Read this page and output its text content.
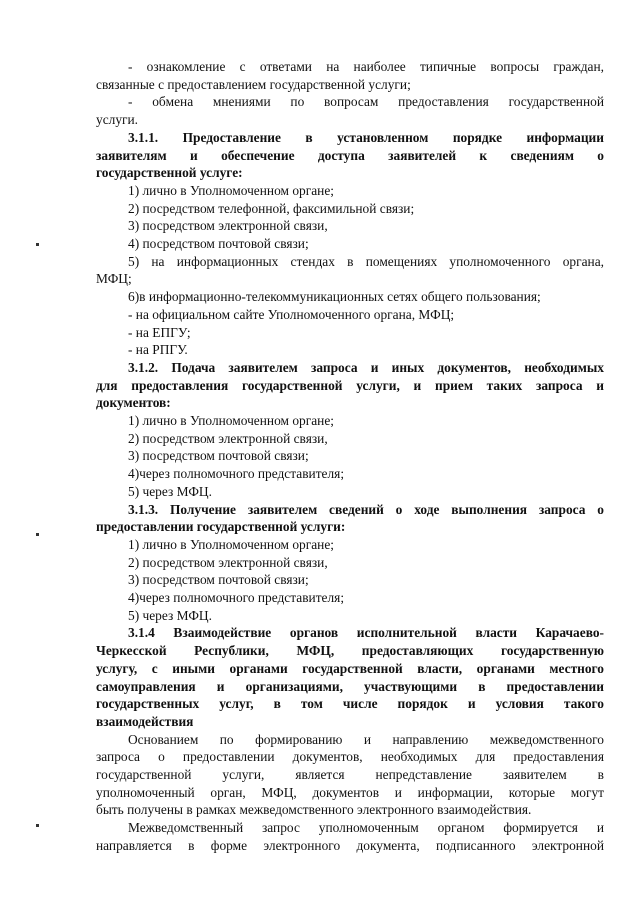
- ознакомление с ответами на наиболее типичные вопросы граждан,
связанные с предоставлением государственной услуги;
- обмена мнениями по вопросам предоставления государственной
услуги.
3.1.1. Предоставление в установленном порядке информации
заявителям и обеспечение доступа заявителей к сведениям о
государственной услуге:
1) лично в Уполномоченном органе;
2) посредством телефонной, факсимильной связи;
3) посредством электронной связи,
4) посредством почтовой связи;
5) на информационных стендах в помещениях уполномоченного органа,
МФЦ;
6)в информационно-телекоммуникационных сетях общего пользования;
- на официальном сайте Уполномоченного органа, МФЦ;
- на ЕПГУ;
- на РПГУ.
3.1.2. Подача заявителем запроса и иных документов, необходимых
для предоставления государственной услуги, и прием таких запроса и
документов:
1) лично в Уполномоченном органе;
2) посредством электронной связи,
3) посредством почтовой связи;
4)через полномочного представителя;
5) через МФЦ.
3.1.3. Получение заявителем сведений о ходе выполнения запроса о
предоставлении государственной услуги:
1) лично в Уполномоченном органе;
2) посредством электронной связи,
3) посредством почтовой связи;
4)через полномочного представителя;
5) через МФЦ.
3.1.4 Взаимодействие органов исполнительной власти Карачаево-
Черкесской Республики, МФЦ, предоставляющих государственную
услугу, с иными органами государственной власти, органами местного
самоуправления и организациями, участвующими в предоставлении
государственных услуг, в том числе порядок и условия такого
взаимодействия
Основанием по формированию и направлению межведомственного
запроса о предоставлении документов, необходимых для предоставления
государственной услуги, является непредставление заявителем в
уполномоченный орган, МФЦ, документов и информации, которые могут
быть получены в рамках межведомственного электронного взаимодействия.
Межведомственный запрос уполномоченным органом формируется и
направляется в форме электронного документа, подписанного электронной
